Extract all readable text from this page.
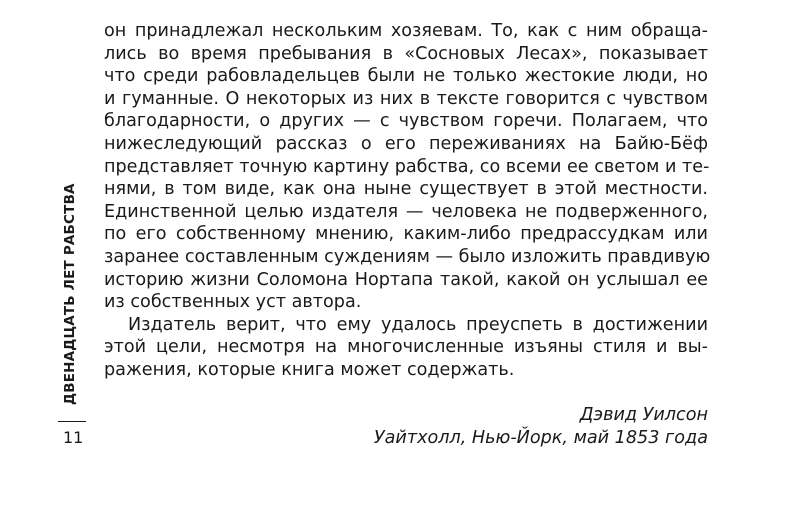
ДВЕНАДЦАТЬ ЛЕТ РАБСТВА
11
он принадлежал нескольким хозяевам. То, как с ним обраща-
лись во время пребывания в «Сосновых Лесах», показывает
что среди рабовладельцев были не только жестокие люди, но
и гуманные. О некоторых из них в тексте говорится с чувством
благодарности, о других — с чувством горечи. Полагаем, что
нижеследующий рассказ о его переживаниях на Байю-Бёф
представляет точную картину рабства, со всеми ее светом и те-
нями, в том виде, как она ныне существует в этой местности.
Единственной целью издателя — человека не подверженного,
по его собственному мнению, каким-либо предрассудкам или
заранее составленным суждениям — было изложить правдивую
историю жизни Соломона Нортапа такой, какой он услышал ее
из собственных уст автора.
Издатель верит, что ему удалось преуспеть в достижении
этой цели, несмотря на многочисленные изъяны стиля и вы-
ражения, которые книга может содержать.
Дэвид Уилсон
Уайтхолл, Нью-Йорк, май 1853 года
